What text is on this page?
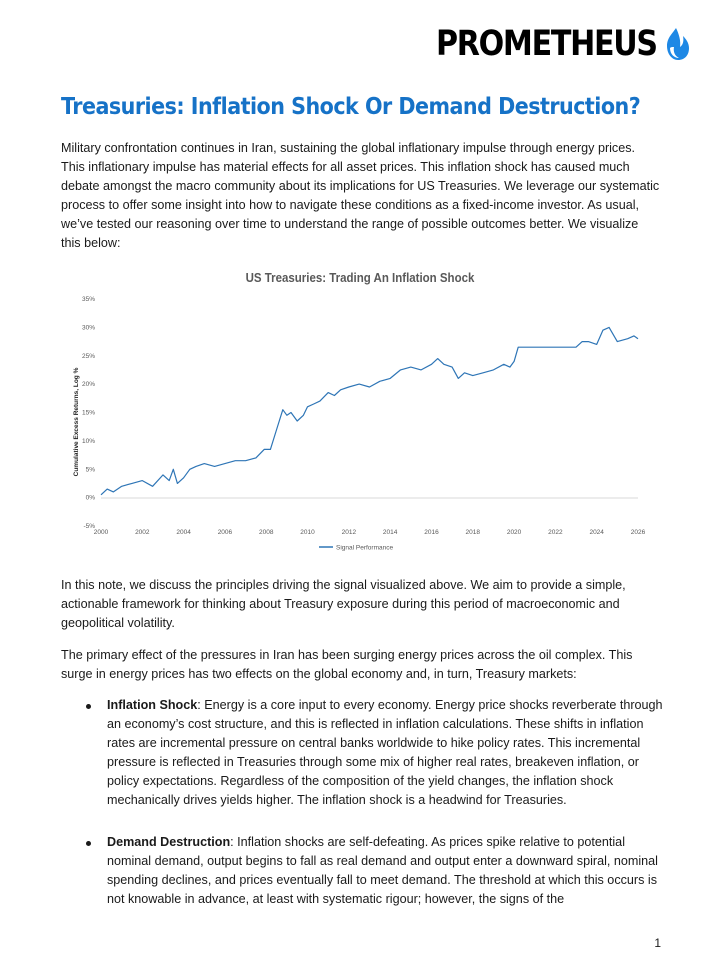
PROMETHEUS
Treasuries: Inflation Shock Or Demand Destruction?

Military confrontation continues in Iran, sustaining the global inflationary impulse through energy prices. This inflationary impulse has material effects for all asset prices. This inflation shock has caused much debate amongst the macro community about its implications for US Treasuries. We leverage our systematic process to offer some insight into how to navigate these conditions as a fixed-income investor. As usual, we’ve tested our reasoning over time to understand the range of possible outcomes better. We visualize this below:

US Treasuries: Trading An Inflation Shock
Cumulative Excess Returns, Log %
35%
30%
25%
20%
15%
10%
5%
0%
-5%
2000	2002	2004	2006	2008	2010	2012	2014	2016	2018	2020	2022	2024	2026
Signal Performance

In this note, we discuss the principles driving the signal visualized above. We aim to provide a simple, actionable framework for thinking about Treasury exposure during this period of macroeconomic and geopolitical volatility.

The primary effect of the pressures in Iran has been surging energy prices across the oil complex. This surge in energy prices has two effects on the global economy and, in turn, Treasury markets:

Inflation Shock: Energy is a core input to every economy. Energy price shocks reverberate through an economy’s cost structure, and this is reflected in inflation calculations. These shifts in inflation rates are incremental pressure on central banks worldwide to hike policy rates. This incremental pressure is reflected in Treasuries through some mix of higher real rates, breakeven inflation, or policy expectations. Regardless of the composition of the yield changes, the inflation shock mechanically drives yields higher. The inflation shock is a headwind for Treasuries.
Demand Destruction: Inflation shocks are self-defeating. As prices spike relative to potential nominal demand, output begins to fall as real demand and output enter a downward spiral, nominal spending declines, and prices eventually fall to meet demand. The threshold at which this occurs is not knowable in advance, at least with systematic rigour; however, the signs of the
1
